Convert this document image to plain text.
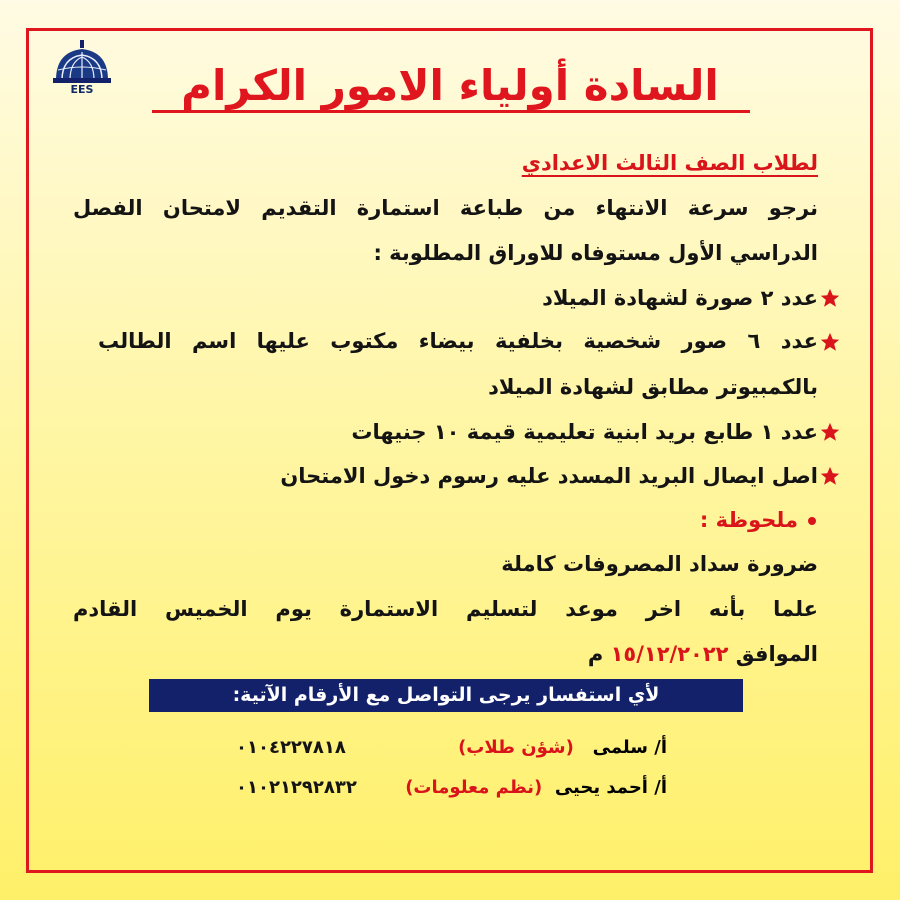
EES	السادة أولياء الامور الكرام
لطلاب الصف الثالث الاعدادي
نرجو سرعة الانتهاء من طباعة استمارة التقديم لامتحان الفصل
الدراسي الأول مستوفاه للاوراق المطلوبة :
عدد ٢ صورة لشهادة الميلاد
عدد ٦ صور شخصية بخلفية بيضاء مكتوب عليها اسم الطالب
بالكمبيوتر مطابق لشهادة الميلاد
عدد ١ طابع بريد ابنية تعليمية قيمة ١٠ جنيهات
اصل ايصال البريد المسدد عليه رسوم دخول الامتحان
ملحوظة :
ضرورة سداد المصروفات كاملة
علما بأنه اخر موعد لتسليم الاستمارة يوم الخميس القادم
الموافق ١٥/١٢/٢٠٢٢ م
لأي استفسار يرجى التواصل مع الأرقام الآتية:
أ/ سلمى   (شؤن طلاب)
٠١٠٤٢٢٧٨١٨
أ/ أحمد يحيى  (نظم معلومات)
٠١٠٢١٢٩٢٨٣٢
